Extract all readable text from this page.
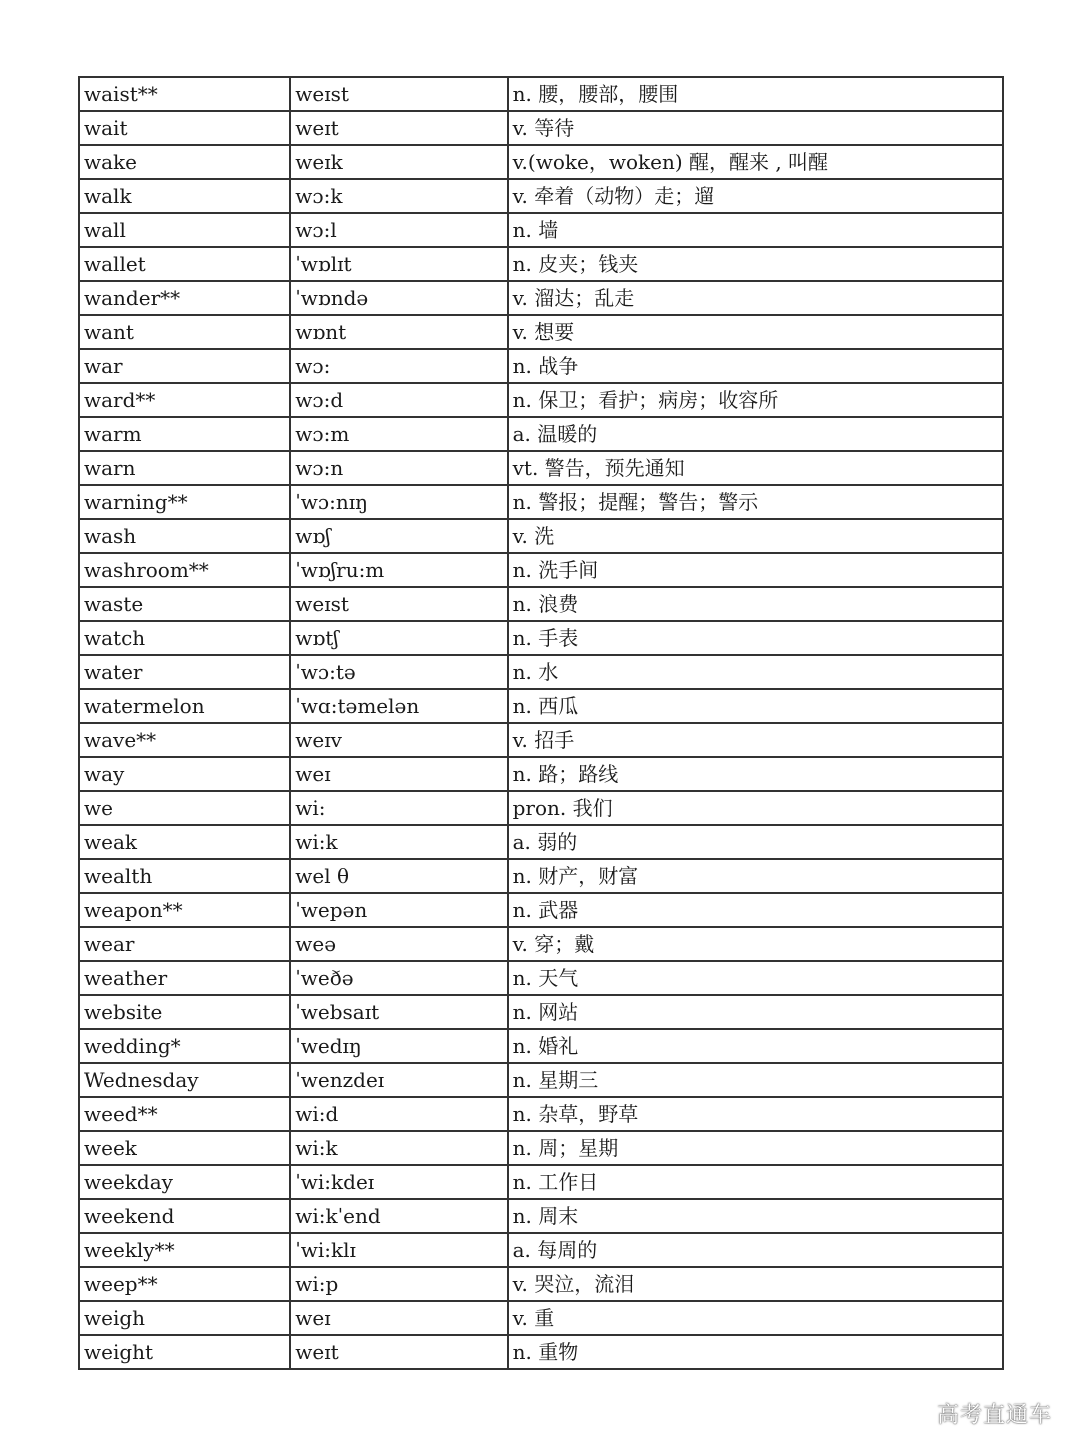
waist**	weɪst	n. 腰，腰部，腰围
wait	weɪt	v. 等待
wake	weɪk	v.(woke，woken) 醒，醒来 , 叫醒
walk	wɔ:k	v. 牵着（动物）走；遛
wall	wɔ:l	n. 墙
wallet	ˈwɒlɪt	n. 皮夹；钱夹
wander**	ˈwɒndə	v. 溜达；乱走
want	wɒnt	v. 想要
war	wɔ:	n. 战争
ward**	wɔ:d	n. 保卫；看护；病房；收容所
warm	wɔ:m	a. 温暖的
warn	wɔ:n	vt. 警告，预先通知
warning**	ˈwɔ:nɪŋ	n. 警报；提醒；警告；警示
wash	wɒʃ	v. 洗
washroom**	ˈwɒʃru:m	n. 洗手间
waste	weɪst	n. 浪费
watch	wɒtʃ	n. 手表
water	ˈwɔ:tə	n. 水
watermelon	ˈwɑ:təmelən	n. 西瓜
wave**	weɪv	v. 招手
way	weɪ	n. 路；路线
we	wi:	pron. 我们
weak	wi:k	a. 弱的
wealth	wel θ	n. 财产，财富
weapon**	ˈwepən	n. 武器
wear	weə	v. 穿；戴
weather	ˈweðə	n. 天气
website	ˈwebsaɪt	n. 网站
wedding*	ˈwedɪŋ	n. 婚礼
Wednesday	ˈwenzdeɪ	n. 星期三
weed**	wi:d	n. 杂草，野草
week	wi:k	n. 周；星期
weekday	ˈwi:kdeɪ	n. 工作日
weekend	wi:kˈend	n. 周末
weekly**	ˈwi:klɪ	a. 每周的
weep**	wi:p	v. 哭泣，流泪
weigh	weɪ	v. 重
weight	weɪt	n. 重物
高考直通车
